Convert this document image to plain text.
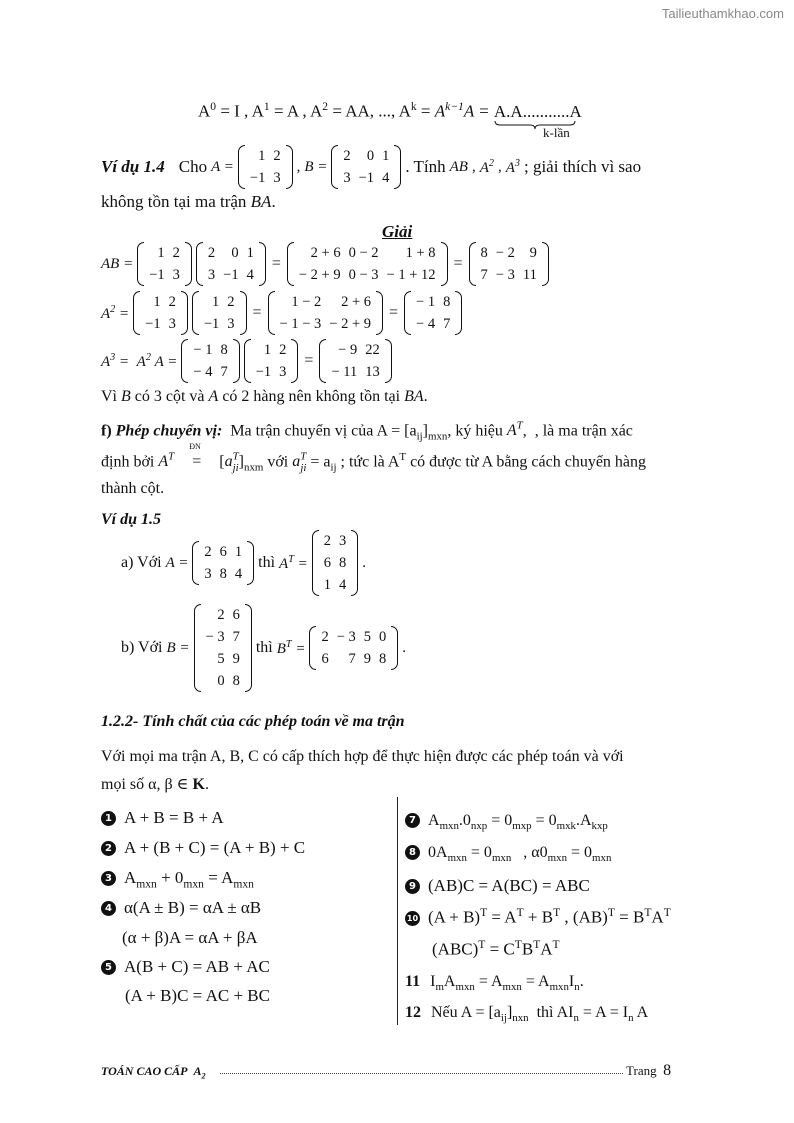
Tailieuthamkhao.com
$A^0 = I$ , $A^1 = A$ , $A^2$ = AA, ..., $A^k = A^{k-1}A = A.A...........A$
k-lần
Ví dụ 1.4 Cho A =
1	2
−1	3
, B =
2	0	1
3	−1	4
. Tính AB , $A^2$ , $A^3$ ; giải thích vì sao
không tồn tại ma trận BA.
Giải
AB =
1	2
−1	3
2	0	1
3	−1	4
=
2 + 6	0 − 2	1 + 8
− 2 + 9	0 − 3	− 1 + 12
=
8	− 2	9
7	− 3	11
$A^2$ =
1	2
−1	3
1	2
−1	3
=
1 − 2	2 + 6
− 1 − 3	− 2 + 9
=
− 1	8
− 4	7
$A^3 = A^2$ A =
− 1	8
− 4	7
1	2
−1	3
=
− 9	22
− 11	13
Vì B có 3 cột và A có 2 hàng nên không tồn tại BA.
f) Phép chuyển vị: Ma trận chuyển vị của $A = [a_{ij}]_{mxn}$, ký hiệu $A^T$,  , là ma trận xác
định bởi $A^T$
ĐN
= $[a^T_{ji}]_{nxm}$ với $a^T_{ji} = a_{ij}$ ; tức là $A^T$ có được từ A bằng cách chuyển hàng
thành cột.
Ví dụ 1.5
a) Với A =
2	6	1
3	8	4
thì $A^T$ =
2	3
6	8
1	4
.
b) Với B =
2	6
− 3	7
5	9
0	8
thì $B^T$ =
2	− 3	5	0
6	7	9	8
.
1.2.2- Tính chất của các phép toán về ma trận
Với mọi ma trận A, B, C có cấp thích hợp để thực hiện được các phép toán và với
mọi số α, β ∈ K.
1 A + B = B + A
2 A + (B + C) = (A + B) + C
3 $A_{mxn} + 0_{mxn} = A_{mxn}$
4 α(A ± B) = αA ± αB
(α + β)A = αA + βA
5 A(B + C) = AB + AC
(A + B)C = AC + BC
7 $A_{mxn}.0_{nxp} = 0_{mxp} = 0_{mxk}.A_{kxp}$
8 $0A_{mxn} = 0_{mxn}$   , $\alpha 0_{mxn} = 0_{mxn}$
9 (AB)C = A(BC) = ABC
10 $(A + B)^T = A^T + B^T$ , $(AB)^T = B^TA^T$
$(ABC)^T = C^TB^TA^T$
11 $I_mA_{mxn} = A_{mxn} = A_{mxn}I_n$.
12 Nếu $A = [a_{ij}]_{nxn}$  thì $AI_n = A = I_n$ A
TOÁN CAO CẤP $A_2$	Trang 8
